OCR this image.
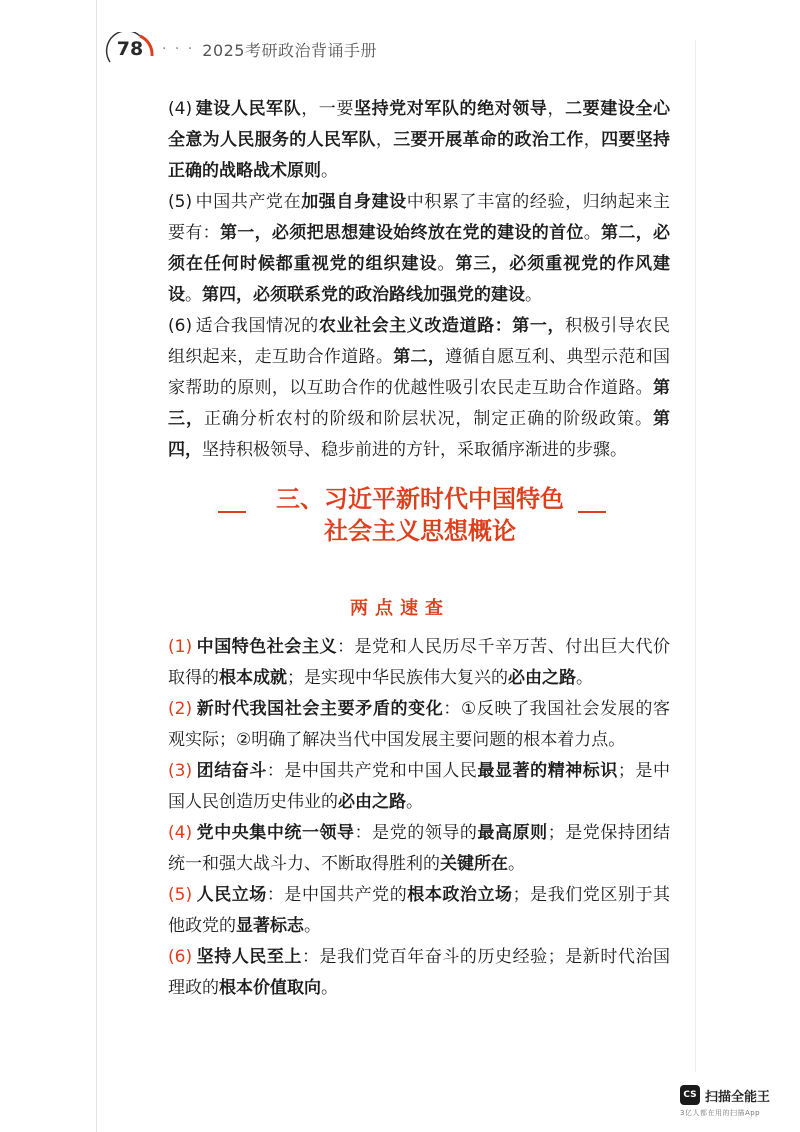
78 · · · 2025考研政治背诵手册

(4) 建设人民军队，一要坚持党对军队的绝对领导，二要建设全心全意为人民服务的人民军队，三要开展革命的政治工作，四要坚持正确的战略战术原则。

(5) 中国共产党在加强自身建设中积累了丰富的经验，归纳起来主要有：第一，必须把思想建设始终放在党的建设的首位。第二，必须在任何时候都重视党的组织建设。第三，必须重视党的作风建设。第四，必须联系党的政治路线加强党的建设。

(6) 适合我国情况的农业社会主义改造道路：第一，积极引导农民组织起来，走互助合作道路。第二，遵循自愿互利、典型示范和国家帮助的原则，以互助合作的优越性吸引农民走互助合作道路。第三，正确分析农村的阶级和阶层状况，制定正确的阶级政策。第四，坚持积极领导、稳步前进的方针，采取循序渐进的步骤。

三、习近平新时代中国特色
社会主义思想概论
两点速查

(1) 中国特色社会主义：是党和人民历尽千辛万苦、付出巨大代价取得的根本成就；是实现中华民族伟大复兴的必由之路。

(2) 新时代我国社会主要矛盾的变化：①反映了我国社会发展的客观实际；②明确了解决当代中国发展主要问题的根本着力点。

(3) 团结奋斗：是中国共产党和中国人民最显著的精神标识；是中国人民创造历史伟业的必由之路。

(4) 党中央集中统一领导：是党的领导的最高原则；是党保持团结统一和强大战斗力、不断取得胜利的关键所在。

(5) 人民立场：是中国共产党的根本政治立场；是我们党区别于其他政党的显著标志。

(6) 坚持人民至上：是我们党百年奋斗的历史经验；是新时代治国理政的根本价值取向。

CS 扫描全能王
3亿人都在用的扫描App
